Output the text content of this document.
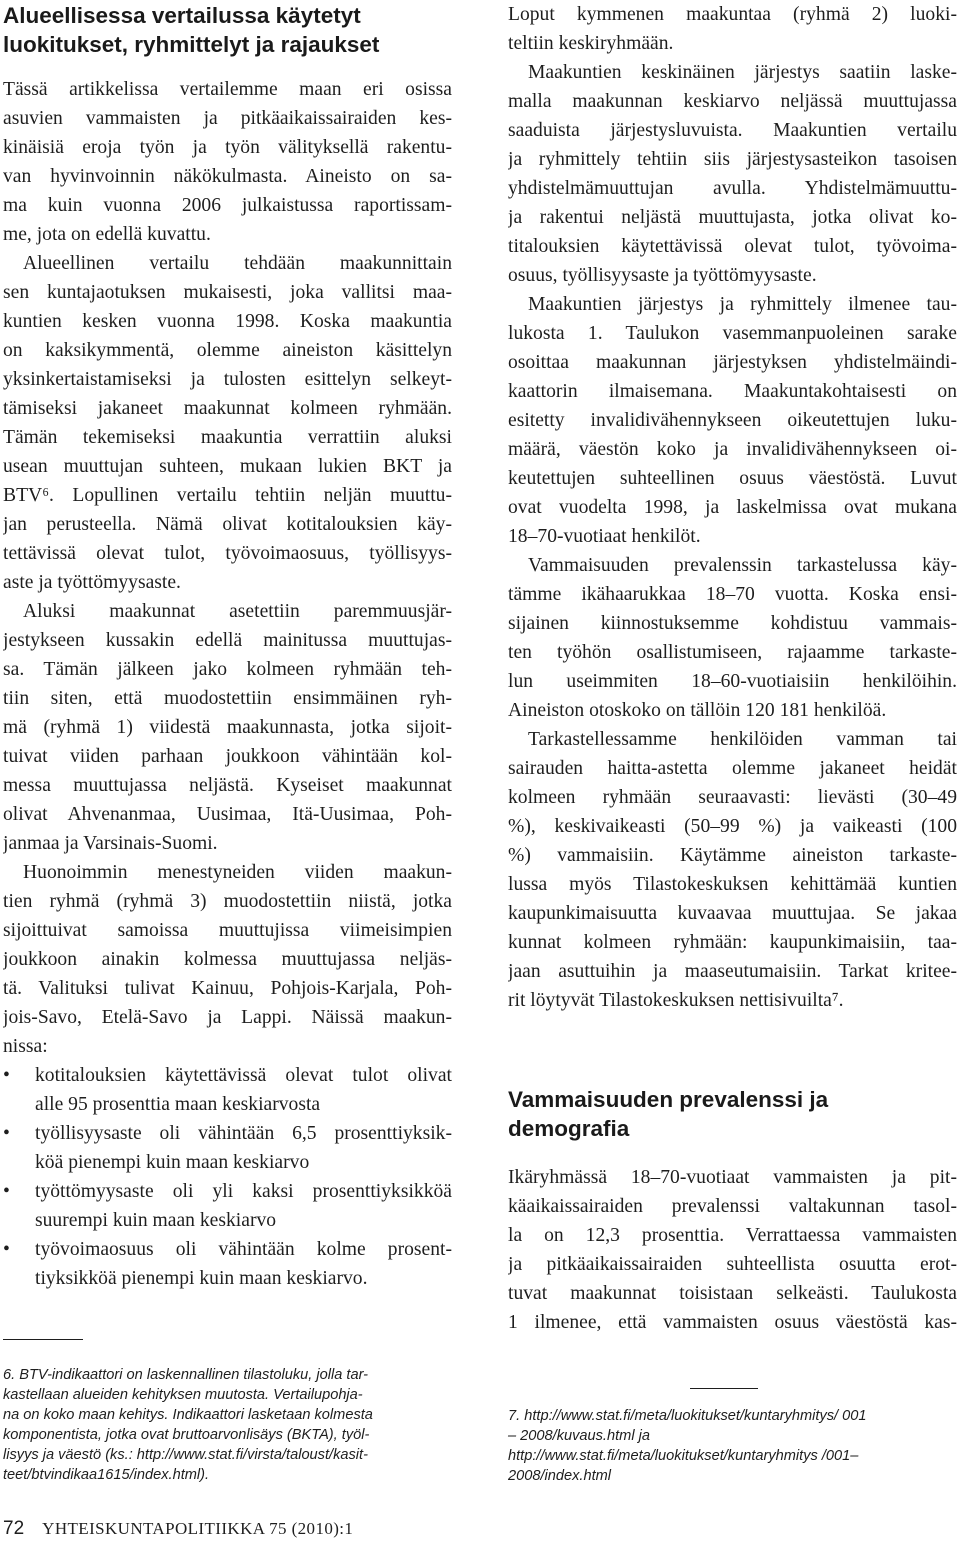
Alueellisessa vertailussa käytetyt
luokitukset, ryhmittelyt ja rajaukset
Tässä artikkelissa vertailemme maan eri osissa
asuvien vammaisten ja pitkäaikaissairaiden kes-
kinäisiä eroja työn ja työn välityksellä rakentu-
van hyvinvoinnin näkökulmasta. Aineisto on sa-
ma kuin vuonna 2006 julkaistussa raportissam-
me, jota on edellä kuvattu.
Alueellinen vertailu tehdään maakunnittain
sen kuntajaotuksen mukaisesti, joka vallitsi maa-
kuntien kesken vuonna 1998. Koska maakuntia
on kaksikymmentä, olemme aineiston käsittelyn
yksinkertaistamiseksi ja tulosten esittelyn selkeyt-
tämiseksi jakaneet maakunnat kolmeen ryhmään.
Tämän tekemiseksi maakuntia verrattiin aluksi
usean muuttujan suhteen, mukaan lukien BKT ja
BTV⁶. Lopullinen vertailu tehtiin neljän muuttu-
jan perusteella. Nämä olivat kotitalouksien käy-
tettävissä olevat tulot, työvoimaosuus, työllisyys-
aste ja työttömyysaste.
Aluksi maakunnat asetettiin paremmuusjär-
jestykseen kussakin edellä mainitussa muuttujas-
sa. Tämän jälkeen jako kolmeen ryhmään teh-
tiin siten, että muodostettiin ensimmäinen ryh-
mä (ryhmä 1) viidestä maakunnasta, jotka sijoit-
tuivat viiden parhaan joukkoon vähintään kol-
messa muuttujassa neljästä. Kyseiset maakunnat
olivat Ahvenanmaa, Uusimaa, Itä-Uusimaa, Poh-
janmaa ja Varsinais-Suomi.
Huonoimmin menestyneiden viiden maakun-
tien ryhmä (ryhmä 3) muodostettiin niistä, jotka
sijoittuivat samoissa muuttujissa viimeisimpien
joukkoon ainakin kolmessa muuttujassa neljäs-
tä. Valituksi tulivat Kainuu, Pohjois-Karjala, Poh-
jois-Savo, Etelä-Savo ja Lappi. Näissä maakun-
nissa:
• kotitalouksien käytettävissä olevat tulot olivat
alle 95 prosenttia maan keskiarvosta
• työllisyysaste oli vähintään 6,5 prosenttiyksik-
köä pienempi kuin maan keskiarvo
• työttömyysaste oli yli kaksi prosenttiyksikköä
suurempi kuin maan keskiarvo
• työvoimaosuus oli vähintään kolme prosent-
tiyksikköä pienempi kuin maan keskiarvo.
6. BTV-indikaattori on laskennallinen tilastoluku, jolla tar-
kastellaan alueiden kehityksen muutosta. Vertailupohja-
na on koko maan kehitys. Indikaattori lasketaan kolmesta
komponentista, jotka ovat bruttoarvonlisäys (BKTA), työl-
lisyys ja väestö (ks.: http://www.stat.fi/virsta/taloust/kasit-
teet/btvindikaa1615/index.html).
Loput kymmenen maakuntaa (ryhmä 2) luoki-
teltiin keskiryhmään.
Maakuntien keskinäinen järjestys saatiin laske-
malla maakunnan keskiarvo neljässä muuttujassa
saaduista järjestysluvuista. Maakuntien vertailu
ja ryhmittely tehtiin siis järjestysasteikon tasoisen
yhdistelmämuuttujan avulla. Yhdistelmämuuttu-
ja rakentui neljästä muuttujasta, jotka olivat ko-
titalouksien käytettävissä olevat tulot, työvoima-
osuus, työllisyysaste ja työttömyysaste.
Maakuntien järjestys ja ryhmittely ilmenee tau-
lukosta 1. Taulukon vasemmanpuoleinen sarake
osoittaa maakunnan järjestyksen yhdistelmäindi-
kaattorin ilmaisemana. Maakuntakohtaisesti on
esitetty invalidivähennykseen oikeutettujen luku-
määrä, väestön koko ja invalidivähennykseen oi-
keutettujen suhteellinen osuus väestöstä. Luvut
ovat vuodelta 1998, ja laskelmissa ovat mukana
18–70-vuotiaat henkilöt.
Vammaisuuden prevalenssin tarkastelussa käy-
tämme ikähaarukkaa 18–70 vuotta. Koska ensi-
sijainen kiinnostuksemme kohdistuu vammais-
ten työhön osallistumiseen, rajaamme tarkaste-
lun useimmiten 18–60-vuotiaisiin henkilöihin.
Aineiston otoskoko on tällöin 120 181 henkilöä.
Tarkastellessamme henkilöiden vamman tai
sairauden haitta-astetta olemme jakaneet heidät
kolmeen ryhmään seuraavasti: lievästi (30–49
%), keskivaikeasti (50–99 %) ja vaikeasti (100
%) vammaisiin. Käytämme aineiston tarkaste-
lussa myös Tilastokeskuksen kehittämää kuntien
kaupunkimaisuutta kuvaavaa muuttujaa. Se jakaa
kunnat kolmeen ryhmään: kaupunkimaisiin, taa-
jaan asuttuihin ja maaseutumaisiin. Tarkat kritee-
rit löytyvät Tilastokeskuksen nettisivuilta⁷.
Vammaisuuden prevalenssi ja
demografia
Ikäryhmässä 18–70-vuotiaat vammaisten ja pit-
käaikaissairaiden prevalenssi valtakunnan tasol-
la on 12,3 prosenttia. Verrattaessa vammaisten
ja pitkäaikaissairaiden suhteellista osuutta erot-
tuvat maakunnat toisistaan selkeästi. Taulukosta
1 ilmenee, että vammaisten osuus väestöstä kas-
7. http://www.stat.fi/meta/luokitukset/kuntaryhmitys/ 001
– 2008/kuvaus.html ja
http://www.stat.fi/meta/luokitukset/kuntaryhmitys /001–
2008/index.html
72 YHTEISKUNTAPOLITIIKKA 75 (2010):1
